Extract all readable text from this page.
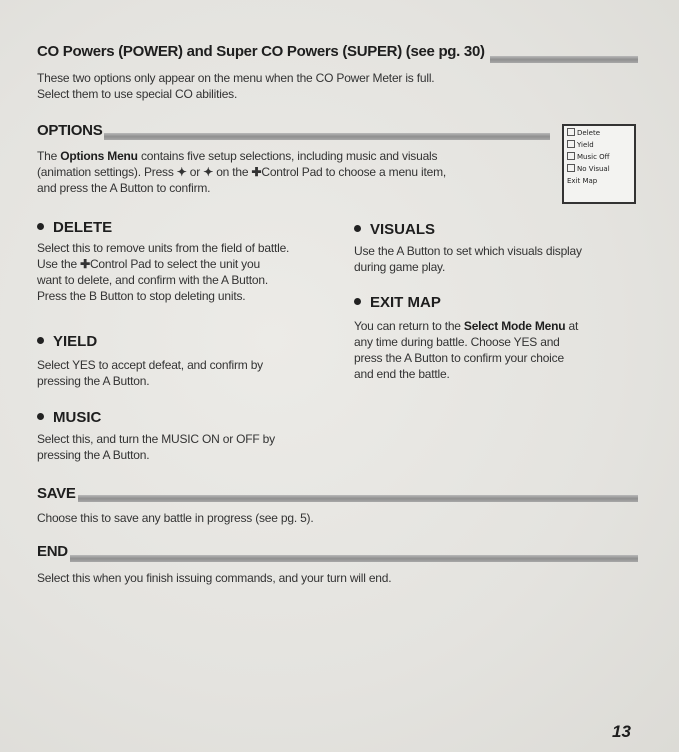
CO Powers (POWER) and Super CO Powers (SUPER) (see pg. 30)

These two options only appear on the menu when the CO Power Meter is full.

Select them to use special CO abilities.

OPTIONS

The Options Menu contains five setup selections, including music and visuals

(animation settings). Press ✦ or ✦ on the ✚Control Pad to choose a menu item,

and press the A Button to confirm.

Delete
Yield
Music Off
No Visual
Exit Map
DELETE

Select this to remove units from the field of battle.

Use the ✚Control Pad to select the unit you

want to delete, and confirm with the A Button.

Press the B Button to stop deleting units.

YIELD

Select YES to accept defeat, and confirm by

pressing the A Button.

MUSIC

Select this, and turn the MUSIC ON or OFF by

pressing the A Button.

VISUALS

Use the A Button to set which visuals display

during game play.

EXIT MAP

You can return to the Select Mode Menu at

any time during battle. Choose YES and

press the A Button to confirm your choice

and end the battle.

SAVE
Choose this to save any battle in progress (see pg. 5).
END
Select this when you finish issuing commands, and your turn will end.
13
